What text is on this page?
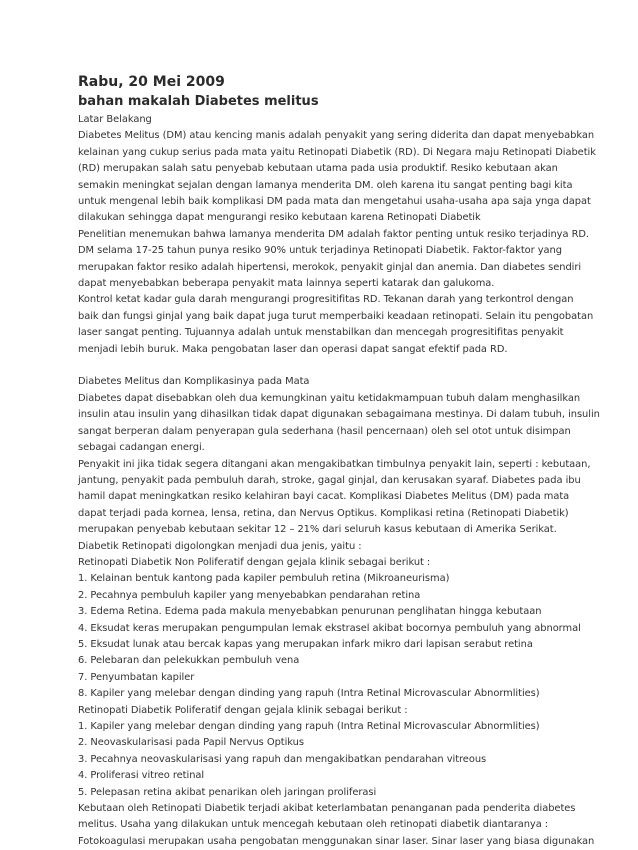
Rabu, 20 Mei 2009
bahan makalah Diabetes melitus
Latar Belakang
Diabetes Melitus (DM) atau kencing manis adalah penyakit yang sering diderita dan dapat menyebabkan
kelainan yang cukup serius pada mata yaitu Retinopati Diabetik (RD). Di Negara maju Retinopati Diabetik
(RD) merupakan salah satu penyebab kebutaan utama pada usia produktif. Resiko kebutaan akan
semakin meningkat sejalan dengan lamanya menderita DM. oleh karena itu sangat penting bagi kita
untuk mengenal lebih baik komplikasi DM pada mata dan mengetahui usaha-usaha apa saja ynga dapat
dilakukan sehingga dapat mengurangi resiko kebutaan karena Retinopati Diabetik
Penelitian menemukan bahwa lamanya menderita DM adalah faktor penting untuk resiko terjadinya RD.
DM selama 17-25 tahun punya resiko 90% untuk terjadinya Retinopati Diabetik. Faktor-faktor yang
merupakan faktor resiko adalah hipertensi, merokok, penyakit ginjal dan anemia. Dan diabetes sendiri
dapat menyebabkan beberapa penyakit mata lainnya seperti katarak dan galukoma.
Kontrol ketat kadar gula darah mengurangi progresitifitas RD. Tekanan darah yang terkontrol dengan
baik dan fungsi ginjal yang baik dapat juga turut memperbaiki keadaan retinopati. Selain itu pengobatan
laser sangat penting. Tujuannya adalah untuk menstabilkan dan mencegah progresitifitas penyakit
menjadi lebih buruk. Maka pengobatan laser dan operasi dapat sangat efektif pada RD.
Diabetes Melitus dan Komplikasinya pada Mata
Diabetes dapat disebabkan oleh dua kemungkinan yaitu ketidakmampuan tubuh dalam menghasilkan
insulin atau insulin yang dihasilkan tidak dapat digunakan sebagaimana mestinya. Di dalam tubuh, insulin
sangat berperan dalam penyerapan gula sederhana (hasil pencernaan) oleh sel otot untuk disimpan
sebagai cadangan energi.
Penyakit ini jika tidak segera ditangani akan mengakibatkan timbulnya penyakit lain, seperti : kebutaan,
jantung, penyakit pada pembuluh darah, stroke, gagal ginjal, dan kerusakan syaraf. Diabetes pada ibu
hamil dapat meningkatkan resiko kelahiran bayi cacat. Komplikasi Diabetes Melitus (DM) pada mata
dapat terjadi pada kornea, lensa, retina, dan Nervus Optikus. Komplikasi retina (Retinopati Diabetik)
merupakan penyebab kebutaan sekitar 12 – 21% dari seluruh kasus kebutaan di Amerika Serikat.
Diabetik Retinopati digolongkan menjadi dua jenis, yaitu :
Retinopati Diabetik Non Poliferatif dengan gejala klinik sebagai berikut :
1. Kelainan bentuk kantong pada kapiler pembuluh retina (Mikroaneurisma)
2. Pecahnya pembuluh kapiler yang menyebabkan pendarahan retina
3. Edema Retina. Edema pada makula menyebabkan penurunan penglihatan hingga kebutaan
4. Eksudat keras merupakan pengumpulan lemak ekstrasel akibat bocornya pembuluh yang abnormal
5. Eksudat lunak atau bercak kapas yang merupakan infark mikro dari lapisan serabut retina
6. Pelebaran dan pelekukkan pembuluh vena
7. Penyumbatan kapiler
8. Kapiler yang melebar dengan dinding yang rapuh (Intra Retinal Microvascular Abnormlities)
Retinopati Diabetik Poliferatif dengan gejala klinik sebagai berikut :
1. Kapiler yang melebar dengan dinding yang rapuh (Intra Retinal Microvascular Abnormlities)
2. Neovaskularisasi pada Papil Nervus Optikus
3. Pecahnya neovaskularisasi yang rapuh dan mengakibatkan pendarahan vitreous
4. Proliferasi vitreo retinal
5. Pelepasan retina akibat penarikan oleh jaringan proliferasi
Kebutaan oleh Retinopati Diabetik terjadi akibat keterlambatan penanganan pada penderita diabetes
melitus. Usaha yang dilakukan untuk mencegah kebutaan oleh retinopati diabetik diantaranya :
Fotokoagulasi merupakan usaha pengobatan menggunakan sinar laser. Sinar laser yang biasa digunakan
